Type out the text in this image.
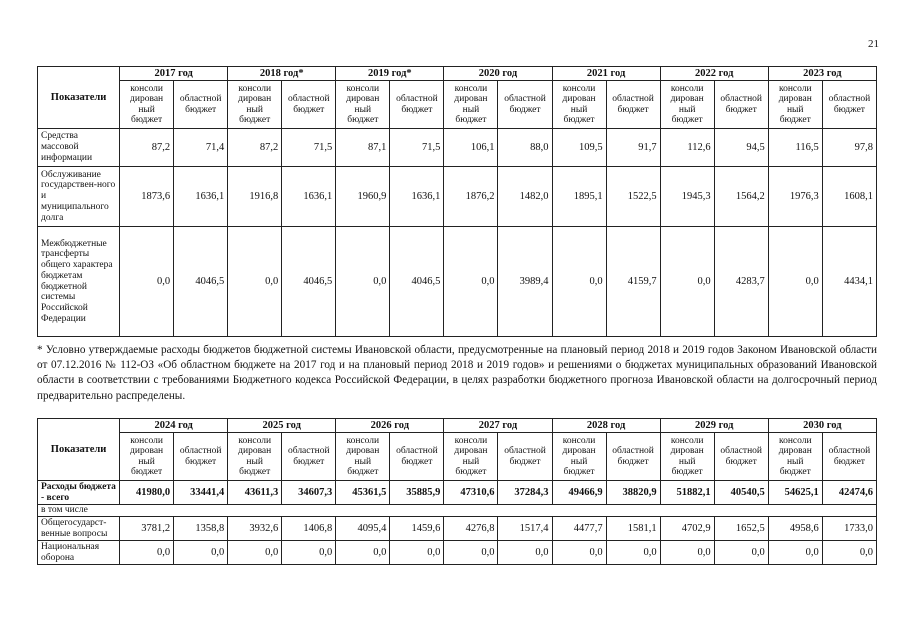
21
Показатели	2017 год		2018 год*		2019 год*		2020 год		2021 год		2022 год		2023 год	
	консоли дирован ный бюджет	областной бюджет	консоли дирован ный бюджет	областной бюджет	консоли дирован ный бюджет	областной бюджет	консоли дирован ный бюджет	областной бюджет	консоли дирован ный бюджет	областной бюджет	консоли дирован ный бюджет	областной бюджет	консоли дирован ный бюджет	областной бюджет
Средства массовой информации	87,2	71,4	87,2	71,5	87,1	71,5	106,1	88,0	109,5	91,7	112,6	94,5	116,5	97,8
Обслуживание государствен-ного и муниципального долга	1873,6	1636,1	1916,8	1636,1	1960,9	1636,1	1876,2	1482,0	1895,1	1522,5	1945,3	1564,2	1976,3	1608,1
Межбюджетные трансферты общего характера бюджетам бюджетной системы Российской Федерации	0,0	4046,5	0,0	4046,5	0,0	4046,5	0,0	3989,4	0,0	4159,7	0,0	4283,7	0,0	4434,1

* Условно утверждаемые расходы бюджетов бюджетной системы Ивановской области, предусмотренные на плановый период 2018 и 2019 годов Законом Ивановской области от 07.12.2016 № 112-ОЗ «Об областном бюджете на 2017 год и на плановый период 2018 и 2019 годов» и решениями о бюджетах муниципальных образований Ивановской области в соответствии с требованиями Бюджетного кодекса Российской Федерации, в целях разработки бюджетного прогноза Ивановской области на долгосрочный период предварительно распределены.

Показатели	2024 год		2025 год		2026 год		2027 год		2028 год		2029 год		2030 год	
	консоли дирован ный бюджет	областной бюджет	консоли дирован ный бюджет	областной бюджет	консоли дирован ный бюджет	областной бюджет	консоли дирован ный бюджет	областной бюджет	консоли дирован ный бюджет	областной бюджет	консоли дирован ный бюджет	областной бюджет	консоли дирован ный бюджет	областной бюджет
Расходы бюджета - всего	41980,0	33441,4	43611,3	34607,3	45361,5	35885,9	47310,6	37284,3	49466,9	38820,9	51882,1	40540,5	54625,1	42474,6
в том числе														
Общегосударст-венные вопросы	3781,2	1358,8	3932,6	1406,8	4095,4	1459,6	4276,8	1517,4	4477,7	1581,1	4702,9	1652,5	4958,6	1733,0
Национальная оборона	0,0	0,0	0,0	0,0	0,0	0,0	0,0	0,0	0,0	0,0	0,0	0,0	0,0	0,0
